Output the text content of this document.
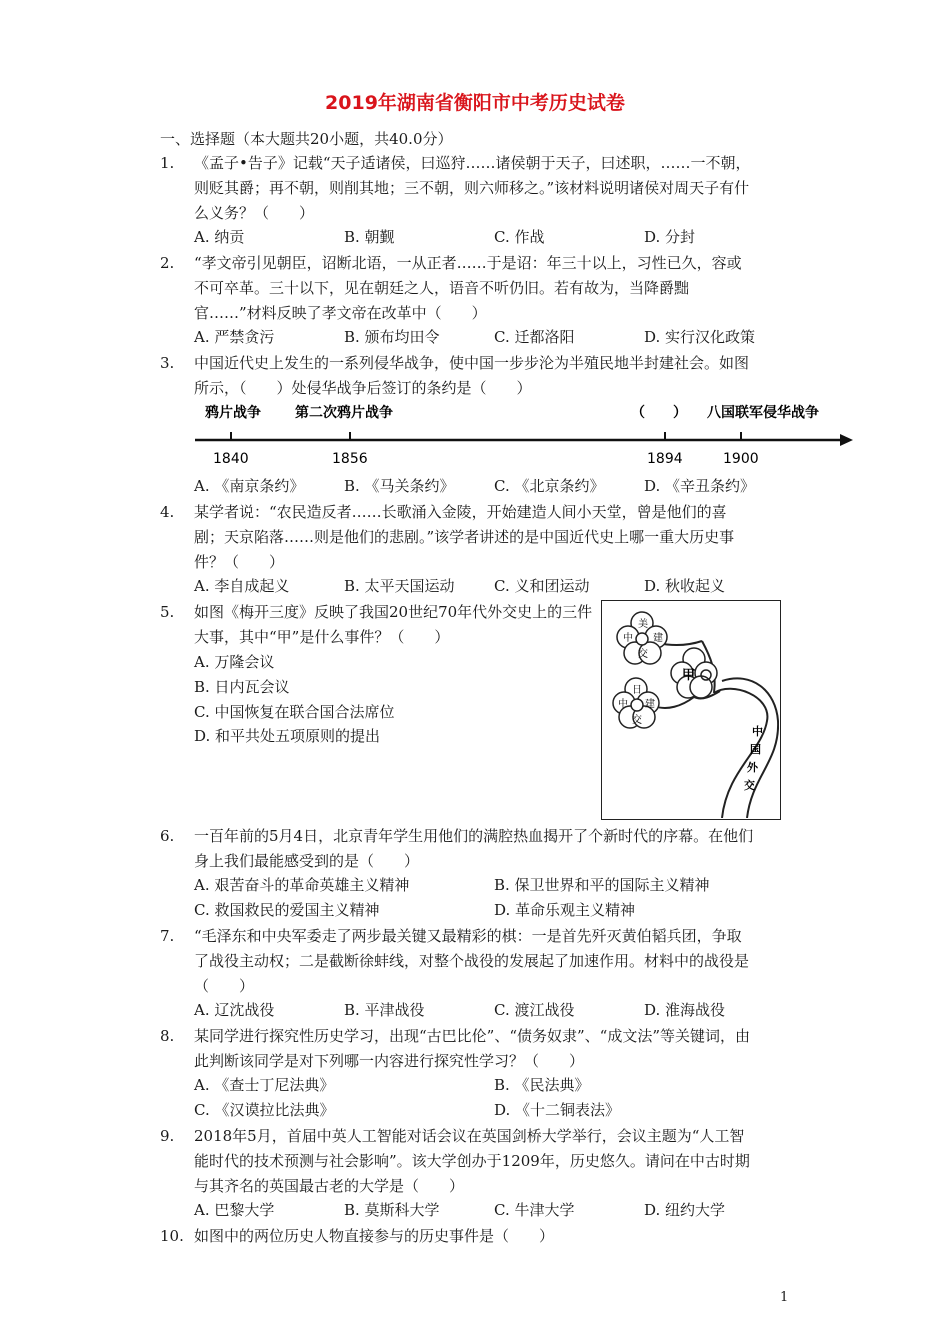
2019年湖南省衡阳市中考历史试卷
一、选择题（本大题共20小题，共40.0分）
1.	《孟子•告子》记载“天子适诸侯，曰巡狩……诸侯朝于天子，曰述职，……一不朝，则贬其爵；再不朝，则削其地；三不朝，则六师移之。”该材料说明诸侯对周天子有什么义务？（　　）
A. 纳贡	B. 朝觐	C. 作战	D. 分封
2.	“孝文帝引见朝臣，诏断北语，一从正者……于是诏：年三十以上，习性已久，容或不可卒革。三十以下，见在朝廷之人，语音不听仍旧。若有故为，当降爵黜官……”材料反映了孝文帝在改革中（　　）
A. 严禁贪污	B. 颁布均田令	C. 迁都洛阳	D. 实行汉化政策
3.	中国近代史上发生的一系列侵华战争，使中国一步步沦为半殖民地半封建社会。如图所示，（　　）处侵华战争后签订的条约是（　　）
鸦片战争 第二次鸦片战争	（　　） 八国联军侵华战争
1840	1856	1894	1900
A. 《南京条约》	B. 《马关条约》	C. 《北京条约》	D. 《辛丑条约》
4.	某学者说：“农民造反者……长歌涌入金陵，开始建造人间小天堂，曾是他们的喜剧；天京陷落……则是他们的悲剧。”该学者讲述的是中国近代史上哪一重大历史事件？（　　）
A. 李自成起义	B. 太平天国运动	C. 义和团运动	D. 秋收起义
5.	如图《梅开三度》反映了我国20世纪70年代外交史上的三件大事，其中“甲”是什么事件？（　　）
A. 万隆会议
B. 日内瓦会议
C. 中国恢复在联合国合法席位
D. 和平共处五项原则的提出
美
中
交
建
甲
日
中
交
建
中
国
外
交
6.	一百年前的5月4日，北京青年学生用他们的满腔热血揭开了个新时代的序幕。在他们身上我们最能感受到的是（　　）
A. 艰苦奋斗的革命英雄主义精神	B. 保卫世界和平的国际主义精神
C. 救国救民的爱国主义精神	D. 革命乐观主义精神
7.	“毛泽东和中央军委走了两步最关键又最精彩的棋：一是首先歼灭黄伯韬兵团，争取了战役主动权；二是截断徐蚌线，对整个战役的发展起了加速作用。材料中的战役是（　　）
A. 辽沈战役	B. 平津战役	C. 渡江战役	D. 淮海战役
8.	某同学进行探究性历史学习，出现“古巴比伦”、“债务奴隶”、“成文法”等关键词，由此判断该同学是对下列哪一内容进行探究性学习？（　　）
A. 《查士丁尼法典》	B. 《民法典》
C. 《汉谟拉比法典》	D. 《十二铜表法》
9.	2018年5月，首届中英人工智能对话会议在英国剑桥大学举行，会议主题为“人工智能时代的技术预测与社会影响”。该大学创办于1209年，历史悠久。请问在中古时期与其齐名的英国最古老的大学是（　　）
A. 巴黎大学	B. 莫斯科大学	C. 牛津大学	D. 纽约大学
10. 如图中的两位历史人物直接参与的历史事件是（　　）
1
